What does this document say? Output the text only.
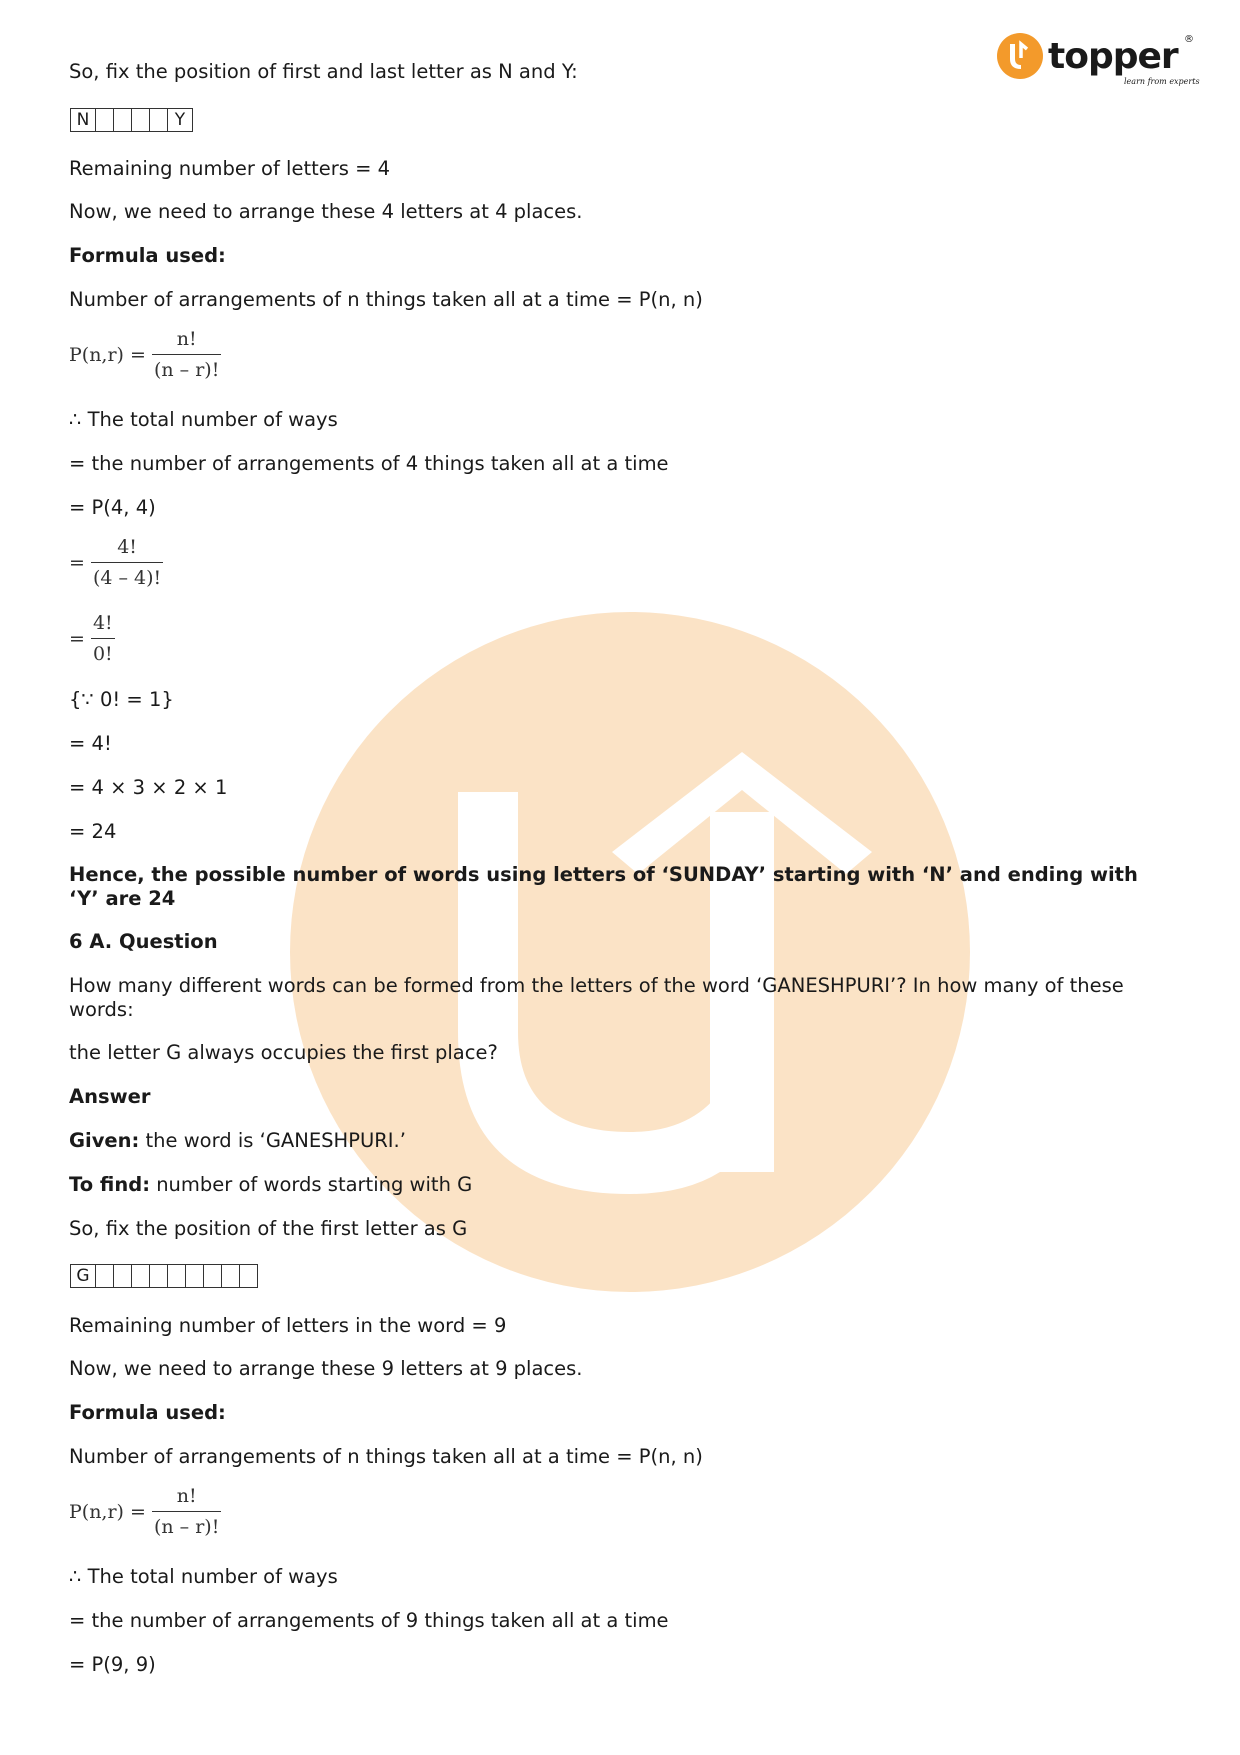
topper ®
learn from experts
So, fix the position of first and last letter as N and Y:
N	Y
Remaining number of letters = 4
Now, we need to arrange these 4 letters at 4 places.
Formula used:
Number of arrangements of n things taken all at a time = P(n, n)
$P(n,r) = \frac{n!}{(n - r)!}$
∴ The total number of ways
= the number of arrangements of 4 things taken all at a time
= P(4, 4)
= $\frac{4!}{(4 - 4)!}$
= $\frac{4!}{0!}$
{∵ 0! = 1}
= 4!
= 4 × 3 × 2 × 1
= 24
Hence, the possible number of words using letters of ‘SUNDAY’ starting with ‘N’ and ending with ‘Y’ are 24
6 A. Question
How many different words can be formed from the letters of the word ‘GANESHPURI’? In how many of these words:
the letter G always occupies the first place?
Answer
Given: the word is ‘GANESHPURI.’
To find: number of words starting with G
So, fix the position of the first letter as G
G
Remaining number of letters in the word = 9
Now, we need to arrange these 9 letters at 9 places.
Formula used:
Number of arrangements of n things taken all at a time = P(n, n)
$P(n,r) = \frac{n!}{(n - r)!}$
∴ The total number of ways
= the number of arrangements of 9 things taken all at a time
= P(9, 9)
